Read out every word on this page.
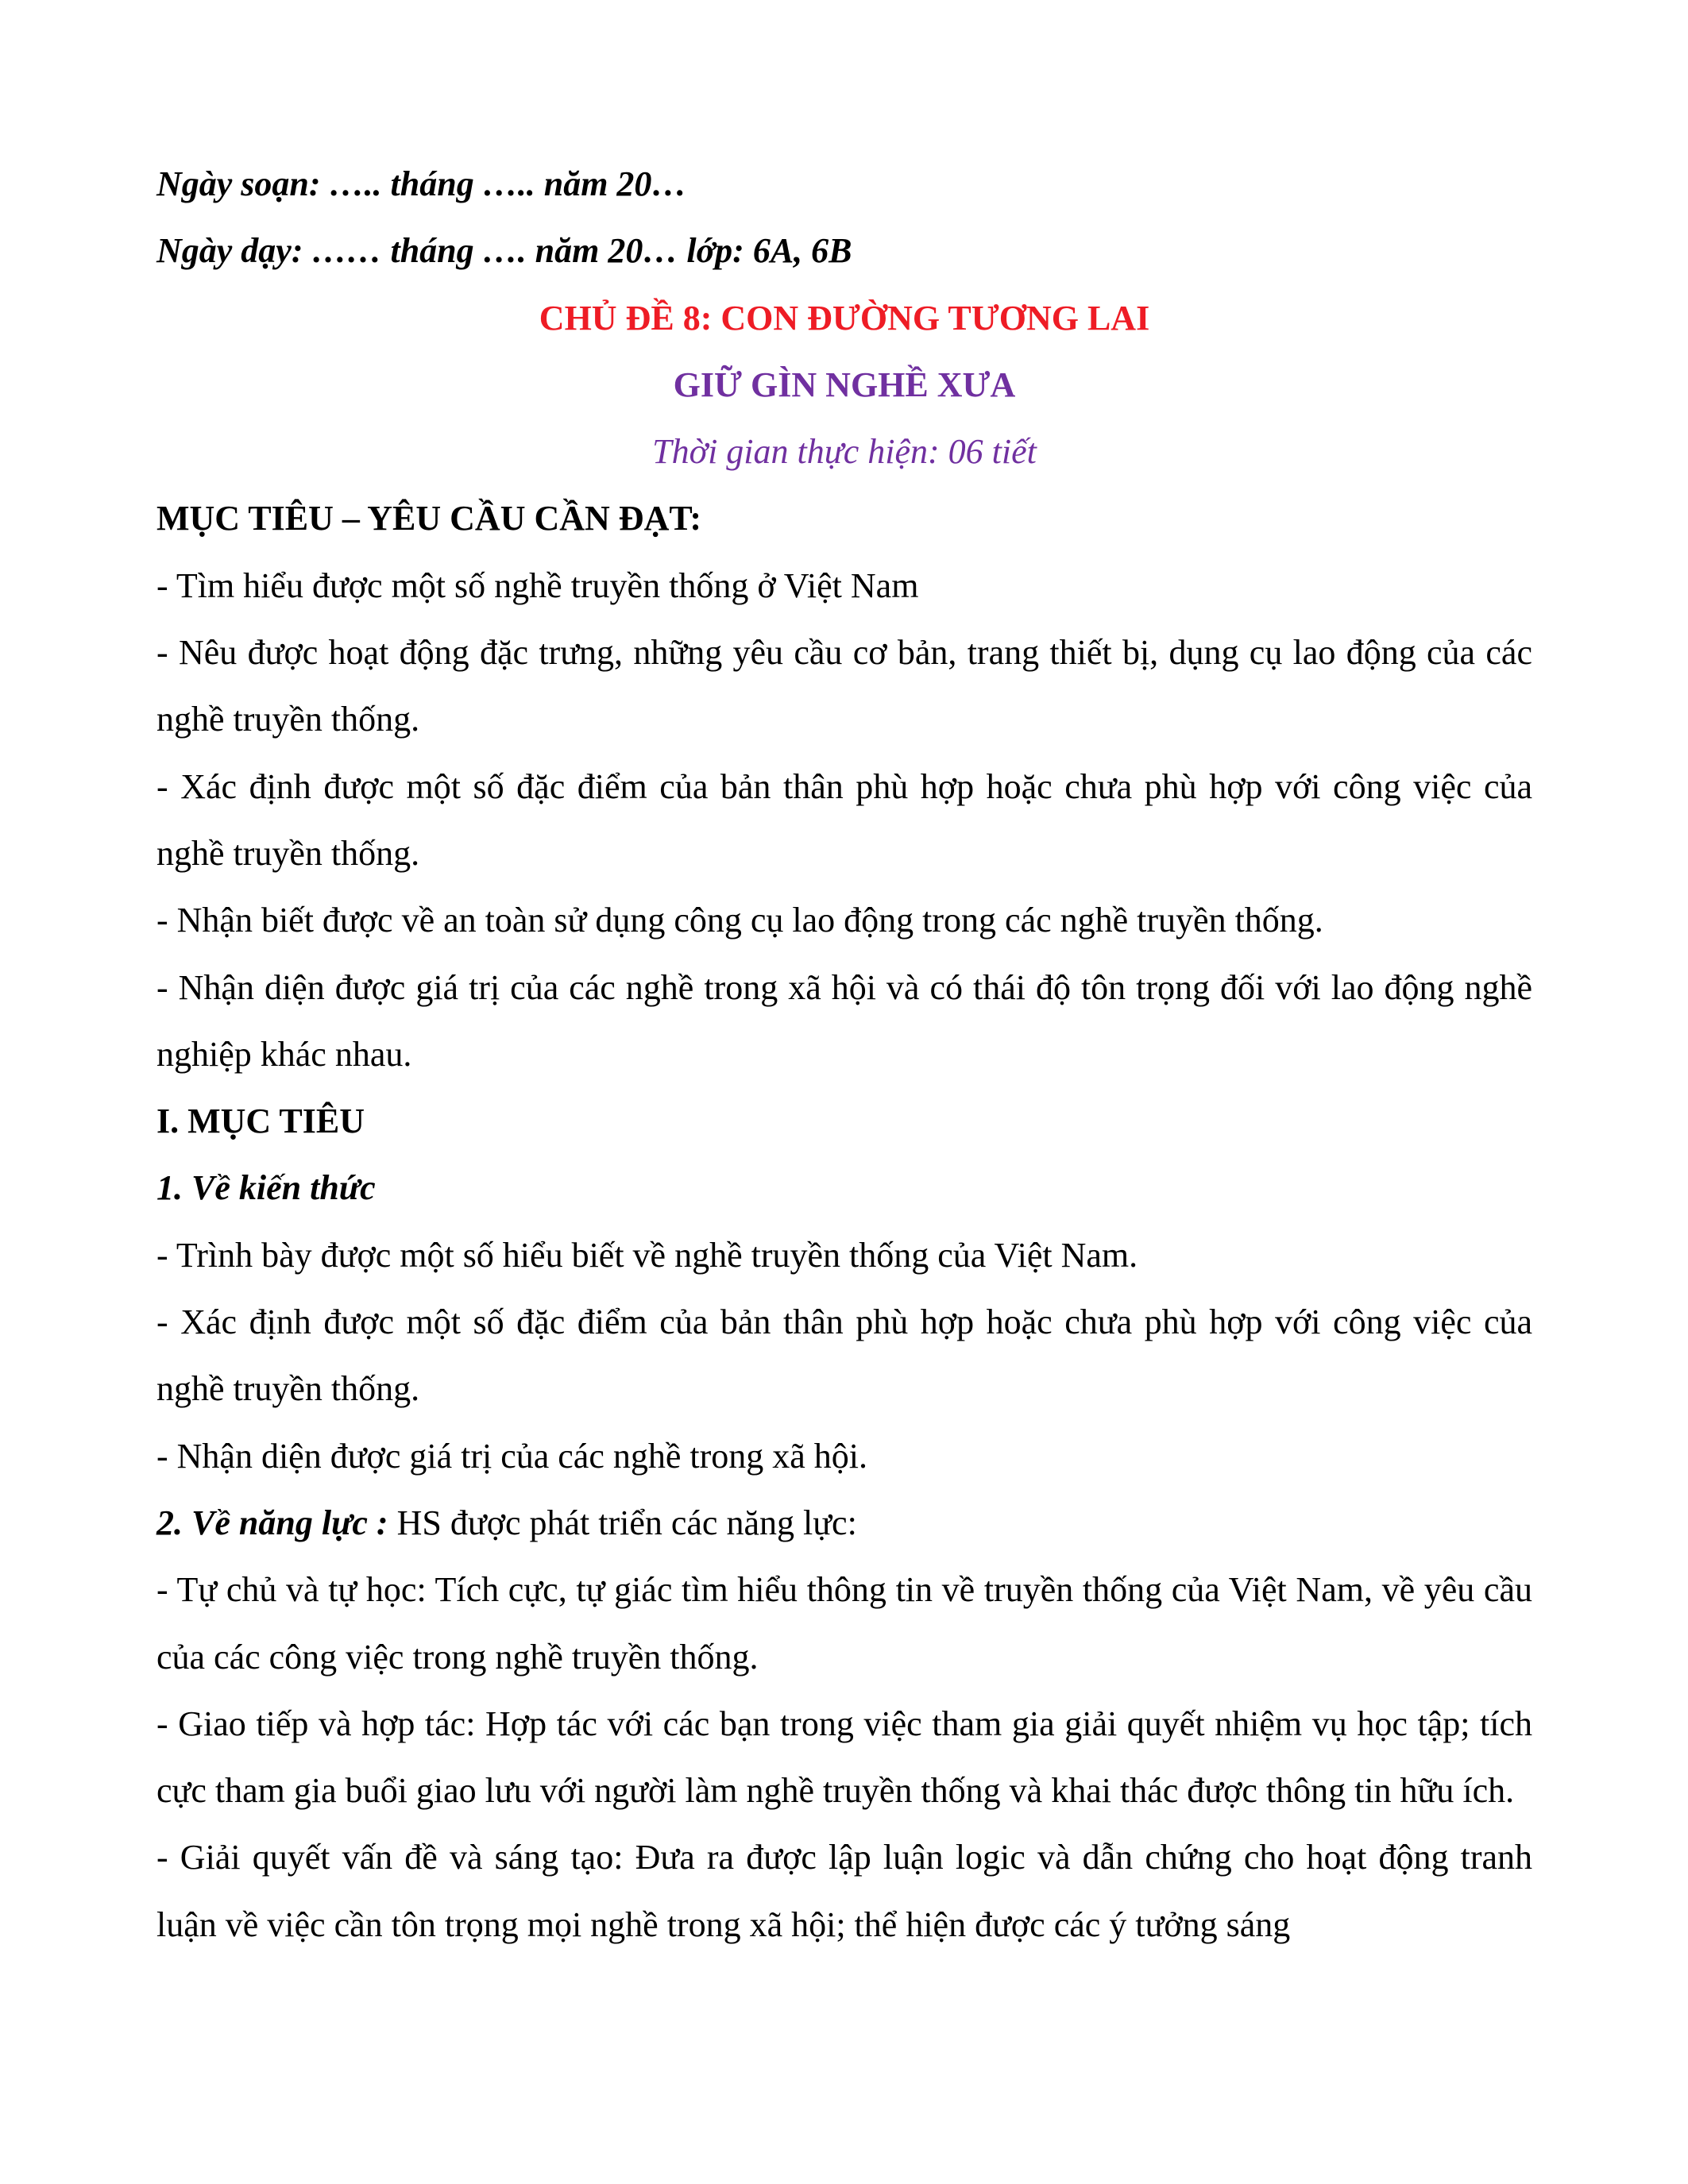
Ngày soạn: ….. tháng ….. năm 20…

Ngày dạy: …… tháng …. năm 20… lớp: 6A, 6B

CHỦ ĐỀ 8: CON ĐƯỜNG TƯƠNG LAI

GIỮ GÌN NGHỀ XƯA

Thời gian thực hiện: 06 tiết

MỤC TIÊU – YÊU CẦU CẦN ĐẠT:

- Tìm hiểu được một số nghề truyền thống ở Việt Nam

- Nêu được hoạt động đặc trưng, những yêu cầu cơ bản, trang thiết bị, dụng cụ lao động của các nghề truyền thống.

- Xác định được một số đặc điểm của bản thân phù hợp hoặc chưa phù hợp với công việc của nghề truyền thống.

- Nhận biết được về an toàn sử dụng công cụ lao động trong các nghề truyền thống.

- Nhận diện được giá trị của các nghề trong xã hội và có thái độ tôn trọng đối với lao động nghề nghiệp khác nhau.

I. MỤC TIÊU

1. Về kiến thức

- Trình bày được một số hiểu biết về nghề truyền thống của Việt Nam.

- Xác định được một số đặc điểm của bản thân phù hợp hoặc chưa phù hợp với công việc của nghề truyền thống.

- Nhận diện được giá trị của các nghề trong xã hội.

2. Về năng lực : HS được phát triển các năng lực:

- Tự chủ và tự học: Tích cực, tự giác tìm hiểu thông tin về truyền thống của Việt Nam, về yêu cầu của các công việc trong nghề truyền thống.

- Giao tiếp và hợp tác: Hợp tác với các bạn trong việc tham gia giải quyết nhiệm vụ học tập; tích cực tham gia buổi giao lưu với người làm nghề truyền thống và khai thác được thông tin hữu ích.

- Giải quyết vấn đề và sáng tạo: Đưa ra được lập luận logic và dẫn chứng cho hoạt động tranh luận về việc cần tôn trọng mọi nghề trong xã hội; thể hiện được các ý tưởng sáng
